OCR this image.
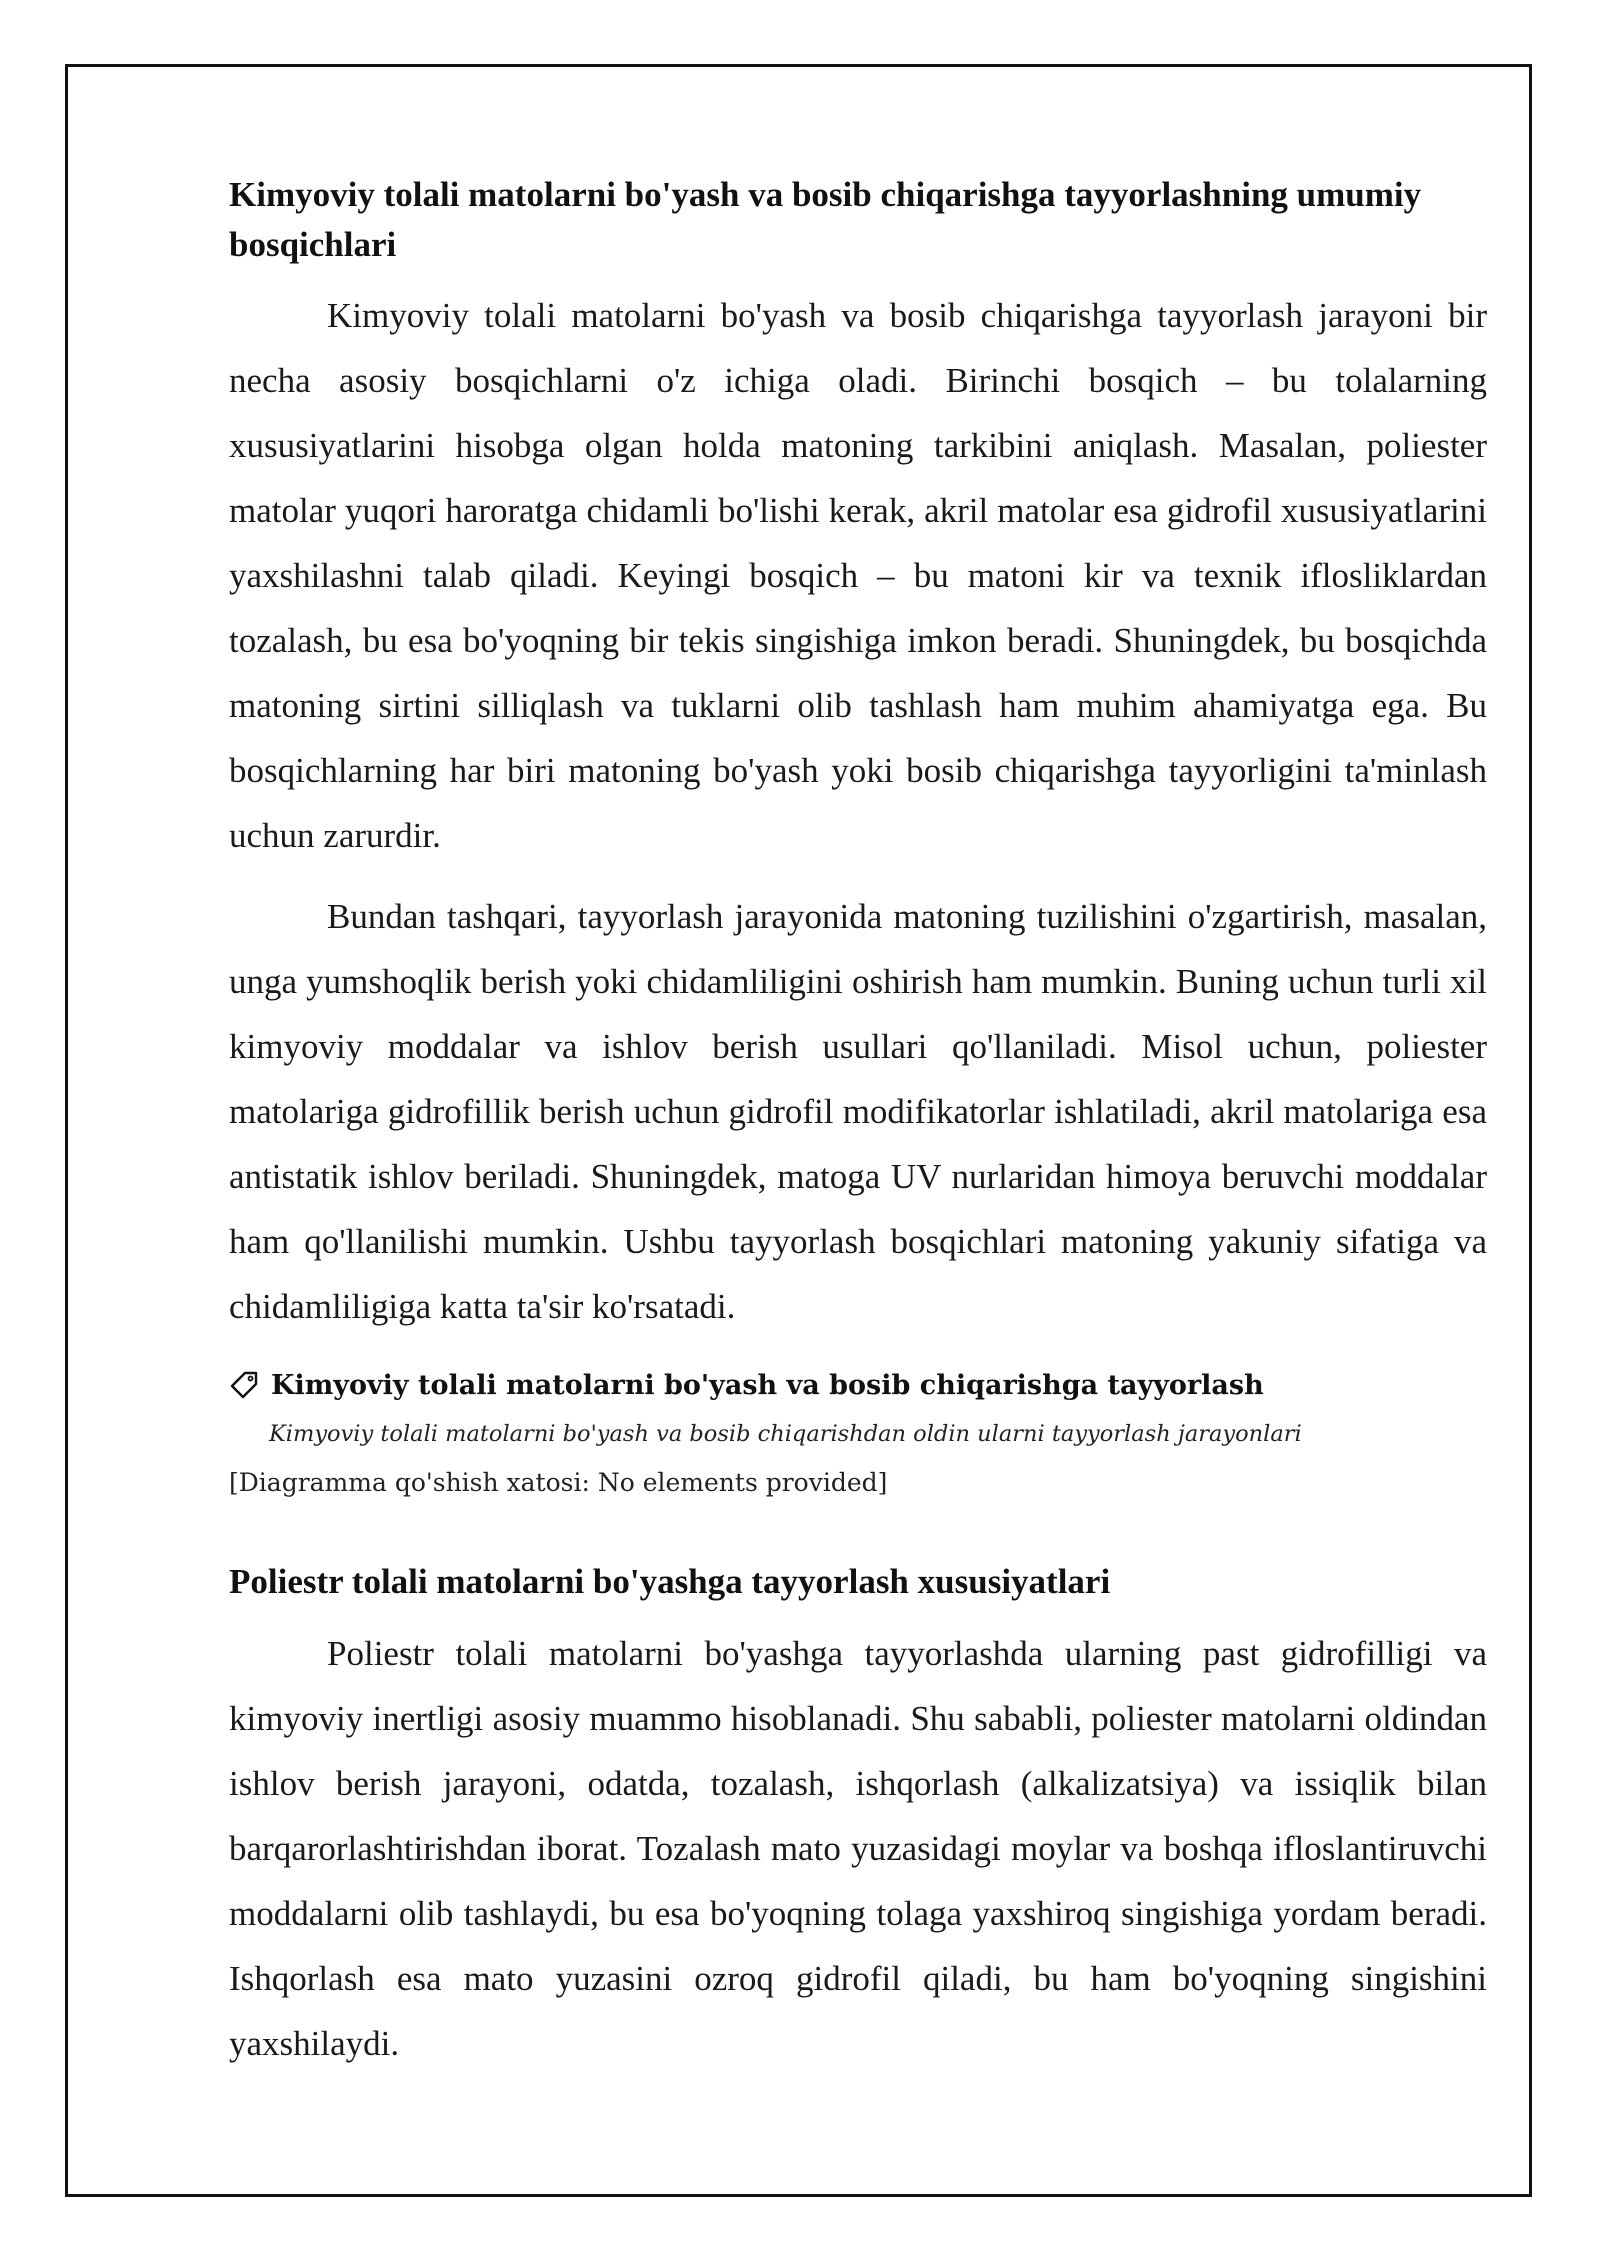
Kimyoviy tolali matolarni bo'yash va bosib chiqarishga tayyorlashning umumiy bosqichlari

Kimyoviy tolali matolarni bo'yash va bosib chiqarishga tayyorlash jarayoni bir necha asosiy bosqichlarni o'z ichiga oladi. Birinchi bosqich – bu tolalarning xususiyatlarini hisobga olgan holda matoning tarkibini aniqlash. Masalan, poliester matolar yuqori haroratga chidamli bo'lishi kerak, akril matolar esa gidrofil xususiyatlarini yaxshilashni talab qiladi. Keyingi bosqich – bu matoni kir va texnik iflosliklardan tozalash, bu esa bo'yoqning bir tekis singishiga imkon beradi. Shuningdek, bu bosqichda matoning sirtini silliqlash va tuklarni olib tashlash ham muhim ahamiyatga ega. Bu bosqichlarning har biri matoning bo'yash yoki bosib chiqarishga tayyorligini ta'minlash uchun zarurdir.

Bundan tashqari, tayyorlash jarayonida matoning tuzilishini o'zgartirish, masalan, unga yumshoqlik berish yoki chidamliligini oshirish ham mumkin. Buning uchun turli xil kimyoviy moddalar va ishlov berish usullari qo'llaniladi. Misol uchun, poliester matolariga gidrofillik berish uchun gidrofil modifikatorlar ishlatiladi, akril matolariga esa antistatik ishlov beriladi. Shuningdek, matoga UV nurlaridan himoya beruvchi moddalar ham qo'llanilishi mumkin. Ushbu tayyorlash bosqichlari matoning yakuniy sifatiga va chidamliligiga katta ta'sir ko'rsatadi.

Kimyoviy tolali matolarni bo'yash va bosib chiqarishga tayyorlash
Kimyoviy tolali matolarni bo'yash va bosib chiqarishdan oldin ularni tayyorlash jarayonlari
[Diagramma qo'shish xatosi: No elements provided]
Poliestr tolali matolarni bo'yashga tayyorlash xususiyatlari

Poliestr tolali matolarni bo'yashga tayyorlashda ularning past gidrofilligi va kimyoviy inertligi asosiy muammo hisoblanadi. Shu sababli, poliester matolarni oldindan ishlov berish jarayoni, odatda, tozalash, ishqorlash (alkalizatsiya) va issiqlik bilan barqarorlashtirishdan iborat. Tozalash mato yuzasidagi moylar va boshqa ifloslantiruvchi moddalarni olib tashlaydi, bu esa bo'yoqning tolaga yaxshiroq singishiga yordam beradi. Ishqorlash esa mato yuzasini ozroq gidrofil qiladi, bu ham bo'yoqning singishini yaxshilaydi.
